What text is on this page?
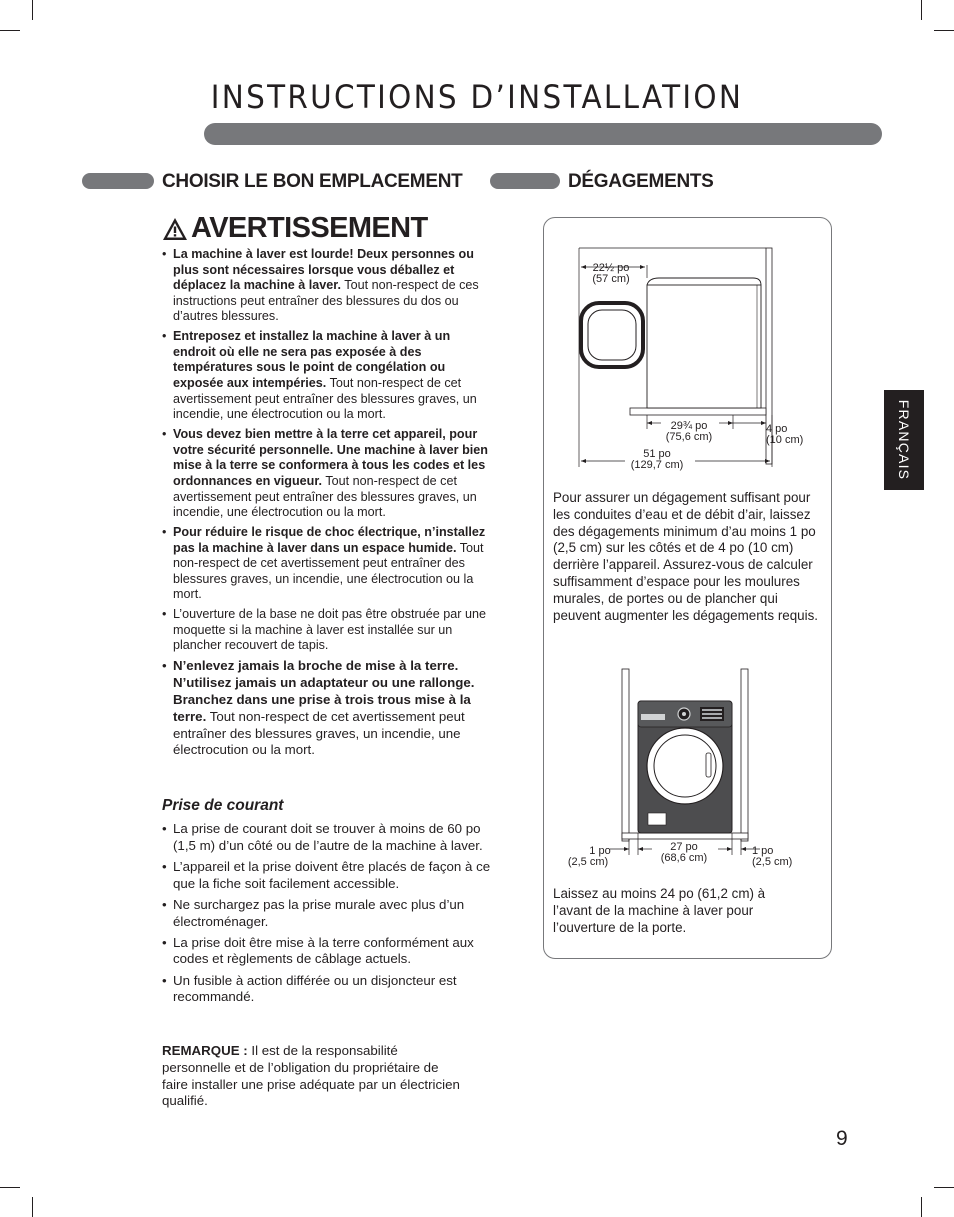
INSTRUCTIONS D’INSTALLATION
CHOISIR LE BON EMPLACEMENT	DÉGAGEMENTS
AVERTISSEMENT
• La machine à laver est lourde! Deux personnes ou plus sont nécessaires lorsque vous déballez et déplacez la machine à laver. Tout non-respect de ces instructions peut entraîner des blessures du dos ou d’autres blessures.
• Entreposez et installez la machine à laver à un endroit où elle ne sera pas exposée à des températures sous le point de congélation ou exposée aux intempéries. Tout non-respect de cet avertissement peut entraîner des blessures graves, un incendie, une électrocution ou la mort.
• Vous devez bien mettre à la terre cet appareil, pour votre sécurité personnelle. Une machine à laver bien mise à la terre se conformera à tous les codes et les ordonnances en vigueur. Tout non-respect de cet avertissement peut entraîner des blessures graves, un incendie, une électrocution ou la mort.
• Pour réduire le risque de choc électrique, n’installez pas la machine à laver dans un espace humide. Tout non-respect de cet avertissement peut entraîner des blessures graves, un incendie, une électrocution ou la mort.
• L’ouverture de la base ne doit pas être obstruée par une moquette si la machine à laver est installée sur un plancher recouvert de tapis.
• N’enlevez jamais la broche de mise à la terre. N’utilisez jamais un adaptateur ou une rallonge. Branchez dans une prise à trois trous mise à la terre. Tout non-respect de cet avertissement peut entraîner des blessures graves, un incendie, une électrocution ou la mort.
Prise de courant
• La prise de courant doit se trouver à moins de 60 po (1,5 m) d’un côté ou de l’autre de la machine à laver.
• L’appareil et la prise doivent être placés de façon à ce que la fiche soit facilement accessible.
• Ne surchargez pas la prise murale avec plus d’un électroménager.
• La prise doit être mise à la terre conformément aux codes et règlements de câblage actuels.
• Un fusible à action différée ou un disjoncteur est recommandé.
REMARQUE : Il est de la responsabilité personnelle et de l’obligation du propriétaire de faire installer une prise adéquate par un électricien qualifié.
FRANÇAIS
22½ po
(57 cm)
29¾ po
(75,6 cm)
4 po
(10 cm)
51 po
(129,7 cm)
Pour assurer un dégagement suffisant pour les conduites d’eau et de débit d’air, laissez des dégagements minimum d’au moins 1 po (2,5 cm) sur les côtés et de 4 po (10 cm) derrière l’appareil. Assurez-vous de calculer suffisamment d’espace pour les moulures murales, de portes ou de plancher qui peuvent augmenter les dégagements requis.
1 po
(2,5 cm)
27 po
(68,6 cm)
1 po
(2,5 cm)
Laissez au moins 24 po (61,2 cm) à l’avant de la machine à laver pour l’ouverture de la porte.
9
